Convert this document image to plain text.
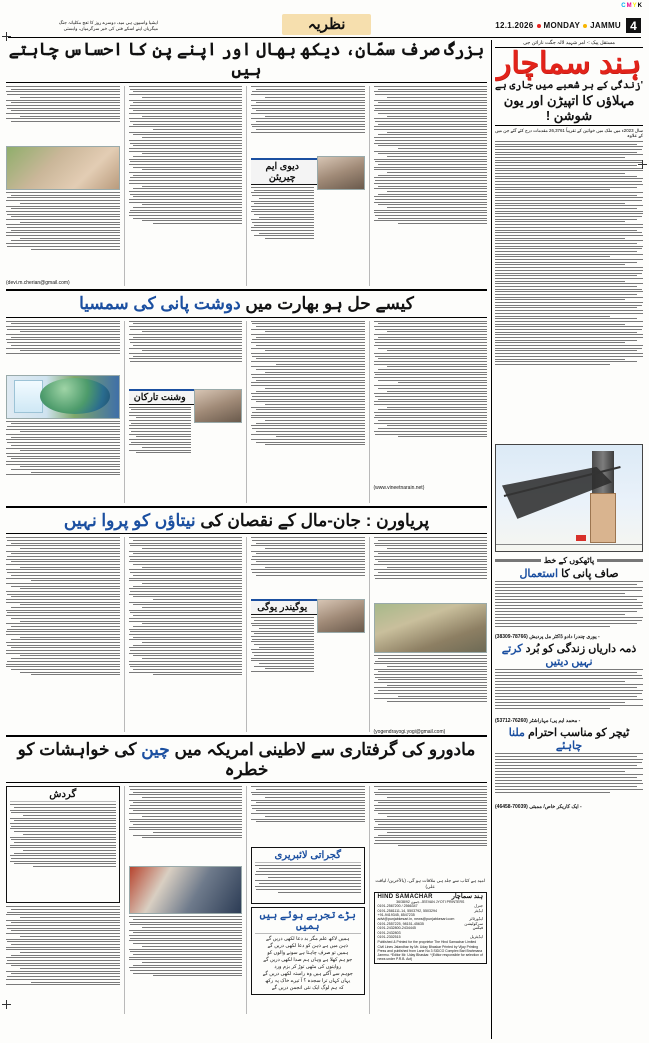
CMYK
ایشیا واسیوں ہی مید، دوسرے روز کا تعج مکلیانہ جنگ
میگریاں اپنے اسکے فنی کی خبر سرگرمیاں، وابستی	نظریہ	12.1.2026 MONDAY JAMMU 4
مستقل پیک :- امر شہید لالہ جگت نارائن جی
ہند سماچار
'زندگی کے ہر شعبے میں جاری ہے
مہلاؤں کا اتپیڑن اور یون شوشن !
سال 2023ء میں ملک میں خواتین کے تقریباً 26,3761 مقدمات درج کئے گئے جن میں کے علاوہ
پاٹھکوں کے خط
صاف پانی کا استعمال
- پوری چندر/ دادو ڈاکٹر مل پردیش (78766-38309)
ذمہ داریاں زندگی کو بُرد کرتے نہیں دیتیں
- محمد ایم پی/ مہاراشٹر (76260-53712)
ٹیچر کو مناسب احترام ملنا چاہئے
- ایک کاریکر خاص/ ممبئی (70039-46458)
بزرگ صرف سمّان، دیکھ بھال اور اپنے پن کا احساس چاہتے ہیں
دیوی ایم چیریئن
(devi.m.cherian@gmail.com)
کیسے حل ہو بھارت میں دوشت پانی کی سمسیا
(www.vineetnarain.net)
وشنت تارکان
پریاورن : جان-مال کے نقصان کی نیتاؤں کو پروا نہیں
(yogendrayogi.yogi@gmail.com)
یوگیندر یوگی
مادورو کی گرفتاری سے لاطینی امریکہ میں چین کی خواہشات کو خطرہ
امید ہے کتاب سے جلد ہی ملاقات ہو گی، (بالآخرین/ لیاقت علی)
HIND SAMACHAR	ہند سماچار
36/38/92 جموں، JEEVAN JYOTI PRINTERS
0191-2567200 / 2566347	جنرل
0191-2581111-14, 5503792, 5503294	ایڈیٹر
+91-9419345, 8547235
advt@punjabkesari.in, news@punjabkesari.com	ایڈورٹائز
0191-2557225, 98151-45635	سرکولیشن
0191-2432800-2434445	فیکس
0191-2432803
0191-2302515	ایڈیٹریل
Published & Printed for the proprietor The Hind Samachar Limited Civil Lines Jalandhar by Mr. Uday Bhaskar Printed by Vijay Printing Press and published from Lane No 3 SIDCO Complex Bari Brahmana Jammu. *Editor Mr. Uday Bhaskar. *(Editor responsible for selection of news under P.R.B. Act)
گجراتی لائبریری
بڑے تجربے ہوئے ہیں ہمیں
ہمیں لاکھ علم مگر بد دعا لکھی دریں گے
ذہن میں ہے ذہن کو دعا لکھی دریں گے
ہمیں تو صرف چاہتا ہے سونے والوں کو
جو ہم کھلا ہے وہاں ہم صدا لکھی دریں گے
روایتوں کی مٹھی توڑ کر بزم ورد
جوہم سے آگئے ہیں وہ راستہ لکھی دریں گے
یہاں کہاں ترا سجدہ ؟ آ تیرے خاک پہ رکھ
کہ ہم لوگ ایک نئی انجمن دریں گے
گردش
